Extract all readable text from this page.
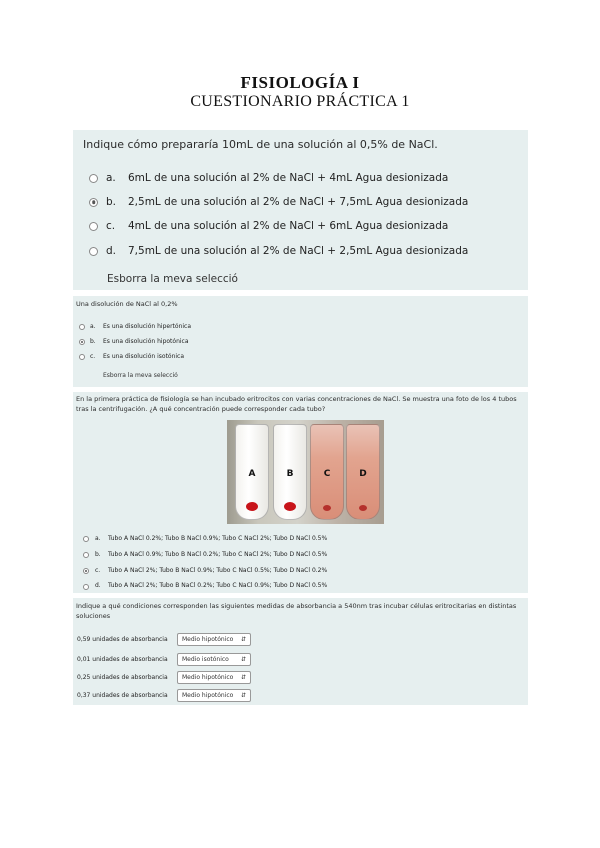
FISIOLOGÍA I
CUESTIONARIO PRÁCTICA 1
Indique cómo prepararía 10mL de una solución al 0,5% de NaCl.
a.	6mL de una solución al 2% de NaCl + 4mL Agua desionizada
b.	2,5mL de una solución al 2% de NaCl + 7,5mL Agua desionizada
c.	4mL de una solución al 2% de NaCl + 6mL Agua desionizada
d.	7,5mL de una solución al 2% de NaCl + 2,5mL Agua desionizada
Esborra la meva selecció
Una disolución de NaCl al 0,2%
a.	Es una disolución hipertónica
b.	Es una disolución hipotónica
c.	Es una disolución isotónica
Esborra la meva selecció
En la primera práctica de fisiología se han incubado eritrocitos con varias concentraciones de NaCl. Se muestra una foto de los 4 tubos tras la centrifugación. ¿A qué concentración puede corresponder cada tubo?
A	B	C	D
a.	Tubo A NaCl 0.2%; Tubo B NaCl 0.9%; Tubo C NaCl 2%; Tubo D NaCl 0.5%
b.	Tubo A NaCl 0.9%; Tubo B NaCl 0.2%; Tubo C NaCl 2%; Tubo D NaCl 0.5%
c.	Tubo A NaCl 2%; Tubo B NaCl 0.9%; Tubo C NaCl 0.5%; Tubo D NaCl 0.2%
d.	Tubo A NaCl 2%; Tubo B NaCl 0.2%; Tubo C NaCl 0.9%; Tubo D NaCl 0.5%
Indique a qué condiciones corresponden las siguientes medidas de absorbancia a 540nm tras incubar células eritrocitarias en distintas soluciones
0,59 unidades de absorbancia	Medio hipotónico ⇵
0,01 unidades de absorbancia	Medio isotónico ⇵
0,25 unidades de absorbancia	Medio hipotónico ⇵
0,37 unidades de absorbancia	Medio hipotónico ⇵
